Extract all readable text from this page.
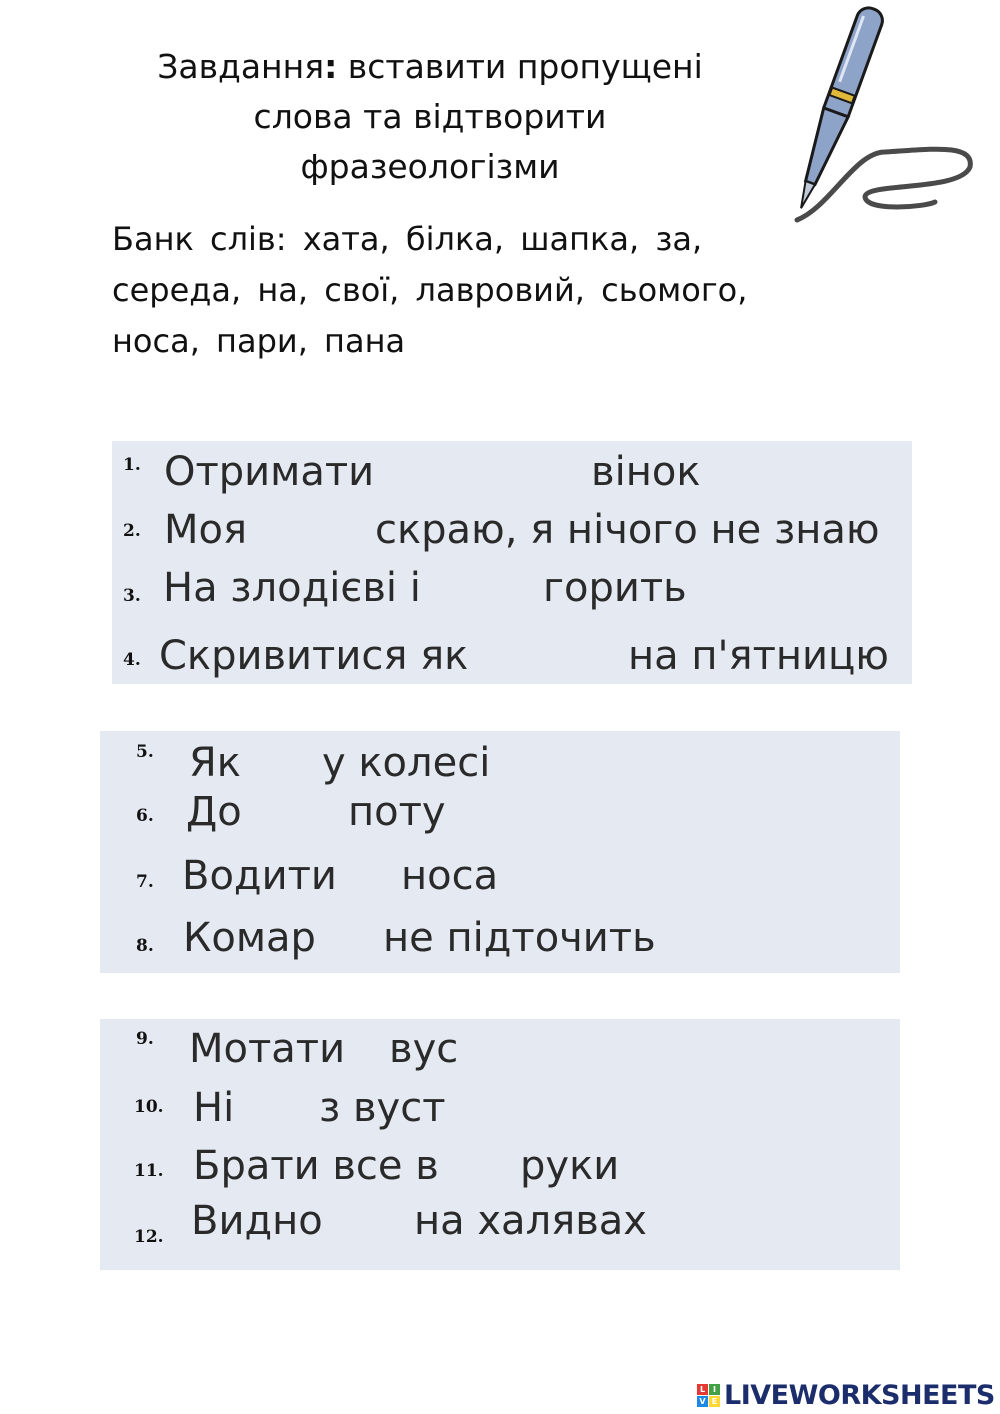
Завдання: вставити пропущені
слова та відтворити
фразеологізми
Банк слів: хата, білка, шапка, за,
середа, на, свої, лавровий, сьомого,
носа, пари, пана
1. Отримати	вінок
2. Моя	скраю, я нічого не знаю
3. На злодієві і	горить
4. Скривитися як	на п'ятницю
5. Як у колесі
6. До	поту
7. Водити носа
8. Комар не підточить
9. Мотати вус
10. Ні з вуст
11. Брати все в руки
12. Видно на халявах
L I
V E LIVEWORKSHEETS
